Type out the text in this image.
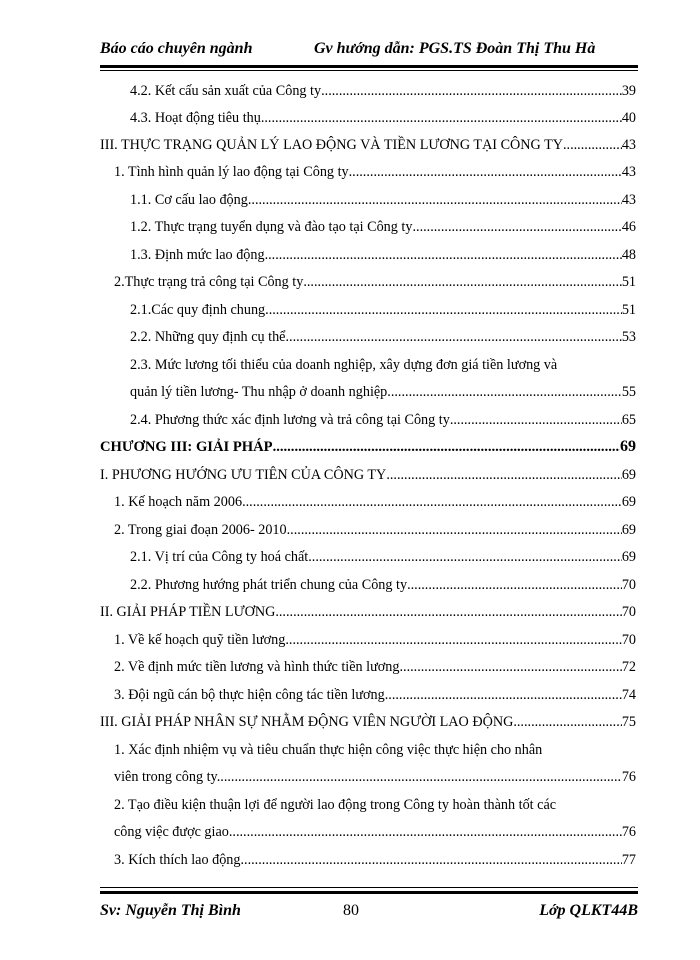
Báo cáo chuyên ngành	Gv hướng dẫn: PGS.TS Đoàn Thị Thu Hà
4.2. Kết cấu sản xuất của Công ty .....	39
4.3. Hoạt động tiêu thụ .....	40
III. THỰC TRẠNG QUẢN LÝ LAO ĐỘNG VÀ TIỀN LƯƠNG TẠI CÔNG TY .....	43
1. Tình hình quản lý lao động tại Công ty .....	43
1.1. Cơ cấu lao động .....	43
1.2. Thực trạng tuyển dụng và đào tạo tại Công ty .....	46
1.3. Định mức lao động .....	48
2.Thực trạng trả công tại Công ty .....	51
2.1.Các quy định chung .....	51
2.2. Những quy định cụ thể .....	53
2.3. Mức lương tối thiểu của doanh nghiệp, xây dựng đơn giá tiền lương và
quản lý tiền lương- Thu nhập ở doanh nghiệp. .....	55
2.4. Phương thức xác định lương và trả công tại Công ty .....	65
CHƯƠNG III: GIẢI PHÁP .....	69
I. PHƯƠNG HƯỚNG ƯU TIÊN CỦA CÔNG TY .....	69
1. Kế hoạch năm 2006 .....	69
2. Trong giai đoạn 2006- 2010 .....	69
2.1. Vị trí của Công ty hoá chất .....	69
2.2. Phương hướng phát triển chung của Công ty .....	70
II. GIẢI PHÁP TIỀN LƯƠNG .....	70
1. Về kế hoạch quỹ tiền lương. .....	70
2. Về định mức tiền lương và hình thức tiền lương. .....	72
3. Đội ngũ cán bộ thực hiện công tác tiền lương .....	74
III. GIẢI PHÁP NHÂN SỰ NHẰM ĐỘNG VIÊN NGƯỜI LAO ĐỘNG .....	75
1. Xác định nhiệm vụ và tiêu chuẩn thực hiện công việc thực hiện cho nhân
viên trong công ty. .....	76
2. Tạo điều kiện thuận lợi để người lao động trong Công ty hoàn thành tốt các
công việc được giao. .....	76
3. Kích thích lao động .....	77
Sv: Nguyễn Thị Bình	80	Lớp QLKT44B
